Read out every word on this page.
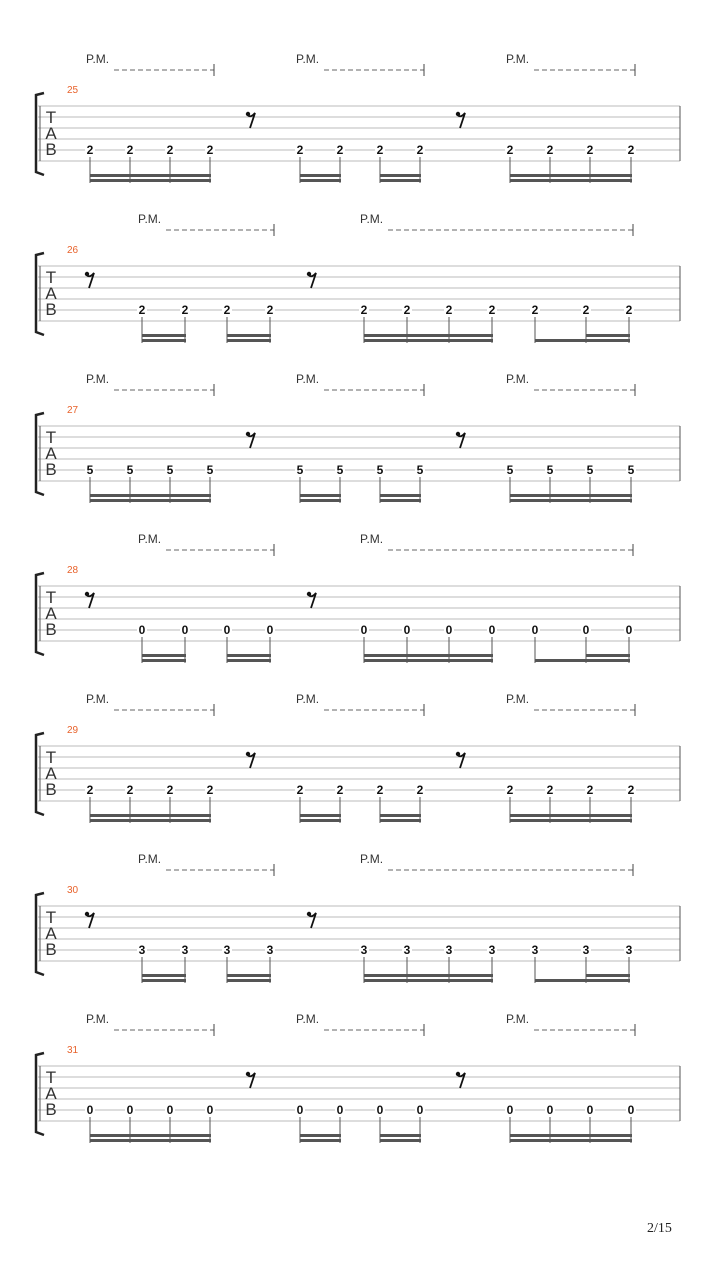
T
A
B
25
P.M.	P.M.	P.M.
2	2	2	2	2	2	2	2	2	2	2	2
T
A
B
26
P.M.	P.M.
2	2	2	2	2	2	2	2	2	2	2
T
A
B
27
P.M.	P.M.	P.M.
5	5	5	5	5	5	5	5	5	5	5	5
T
A
B
28
P.M.	P.M.
0	0	0	0	0	0	0	0	0	0	0
T
A
B
29
P.M.	P.M.	P.M.
2	2	2	2	2	2	2	2	2	2	2	2
T
A
B
30
P.M.	P.M.
3	3	3	3	3	3	3	3	3	3	3
T
A
B
31
P.M.	P.M.	P.M.
0	0	0	0	0	0	0	0	0	0	0	0
2/15
